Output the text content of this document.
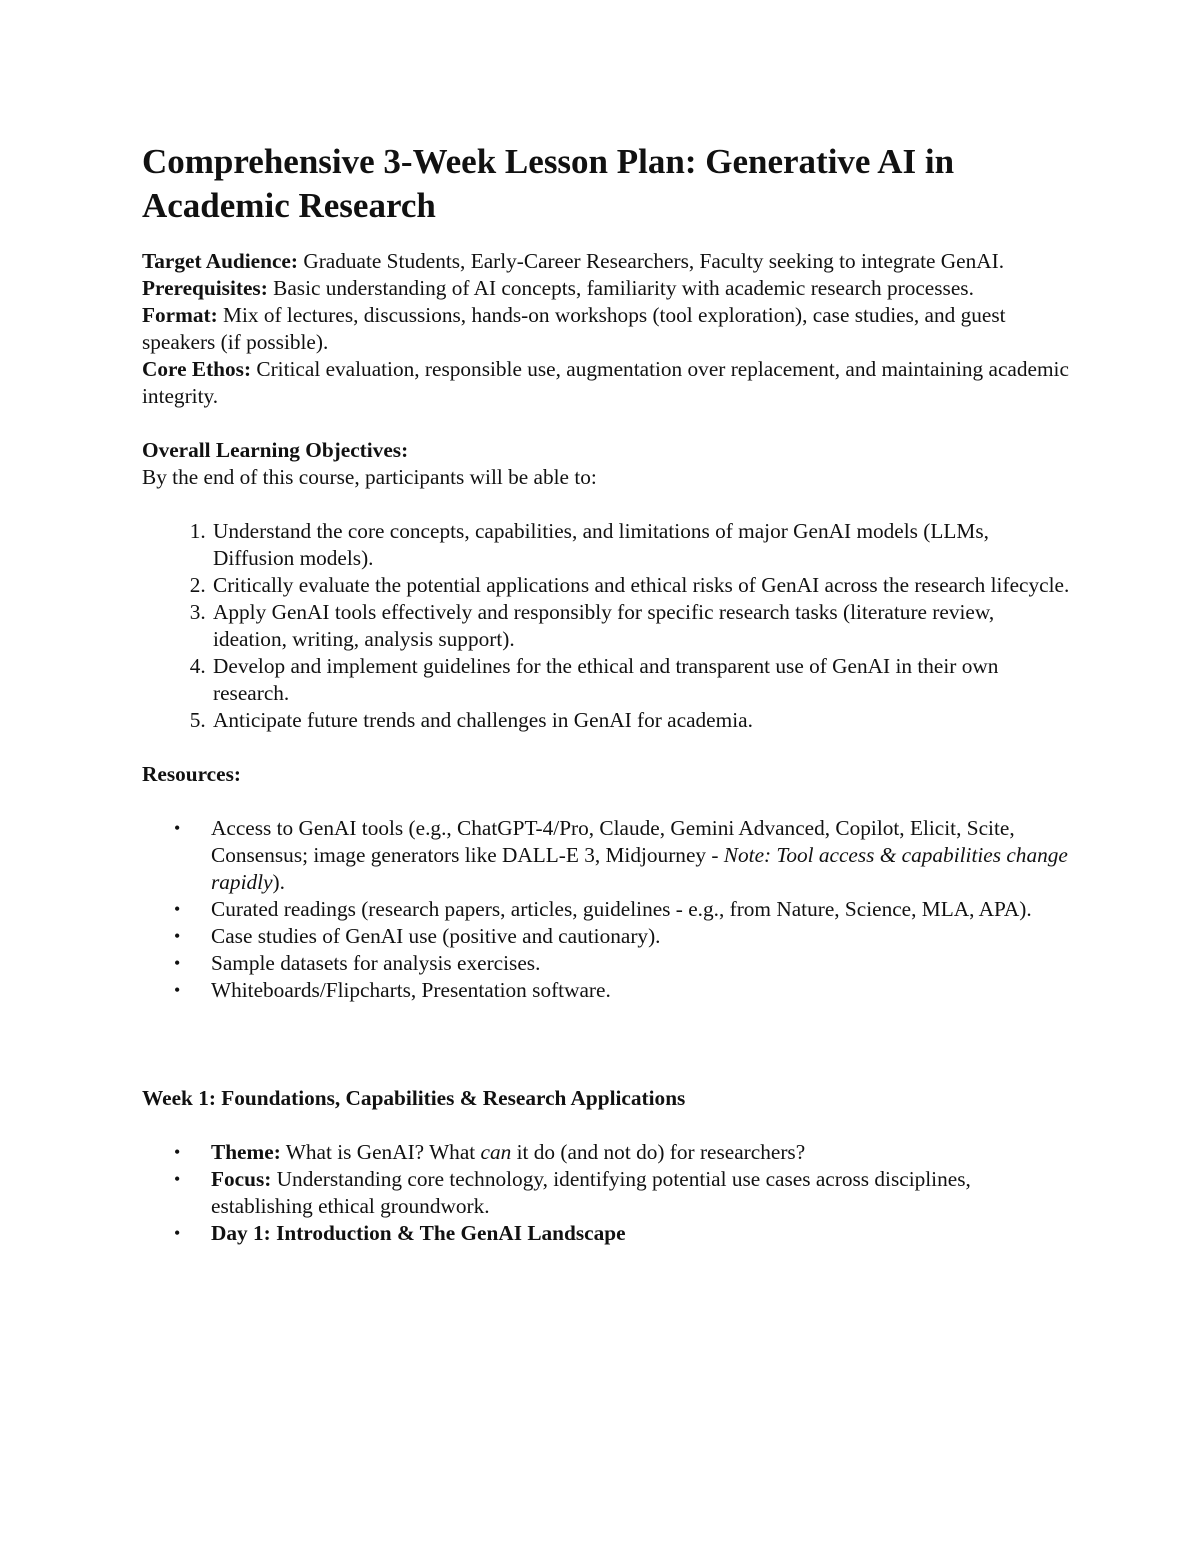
Comprehensive 3-Week Lesson Plan: Generative AI in Academic Research

Target Audience: Graduate Students, Early-Career Researchers, Faculty seeking to integrate GenAI.

Prerequisites: Basic understanding of AI concepts, familiarity with academic research processes.

Format: Mix of lectures, discussions, hands-on workshops (tool exploration), case studies, and guest speakers (if possible).

Core Ethos: Critical evaluation, responsible use, augmentation over replacement, and maintaining academic integrity.

Overall Learning Objectives:

By the end of this course, participants will be able to:

1. Understand the core concepts, capabilities, and limitations of major GenAI models (LLMs, Diffusion models).
2. Critically evaluate the potential applications and ethical risks of GenAI across the research lifecycle.
3. Apply GenAI tools effectively and responsibly for specific research tasks (literature review, ideation, writing, analysis support).
4. Develop and implement guidelines for the ethical and transparent use of GenAI in their own research.
5. Anticipate future trends and challenges in GenAI for academia.

Resources:

• Access to GenAI tools (e.g., ChatGPT-4/Pro, Claude, Gemini Advanced, Copilot, Elicit, Scite, Consensus; image generators like DALL-E 3, Midjourney - Note: Tool access & capabilities change rapidly).
• Curated readings (research papers, articles, guidelines - e.g., from Nature, Science, MLA, APA).
• Case studies of GenAI use (positive and cautionary).
• Sample datasets for analysis exercises.
• Whiteboards/Flipcharts, Presentation software.

Week 1: Foundations, Capabilities & Research Applications

• Theme: What is GenAI? What can it do (and not do) for researchers?
• Focus: Understanding core technology, identifying potential use cases across disciplines, establishing ethical groundwork.
• Day 1: Introduction & The GenAI Landscape
